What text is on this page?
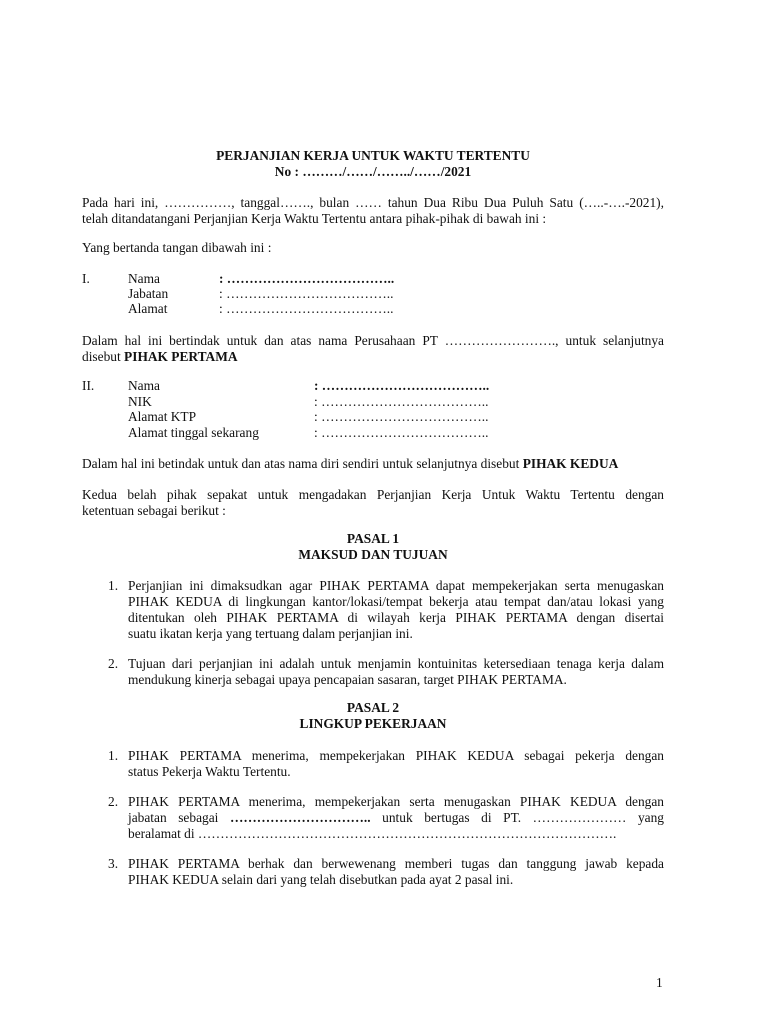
PERJANJIAN KERJA UNTUK WAKTU TERTENTU
No : ………/……/……../……/2021
Pada hari ini, ……………, tanggal……., bulan …… tahun Dua Ribu Dua Puluh Satu (…..-….-2021),
telah ditandatangani Perjanjian Kerja Waktu Tertentu antara pihak-pihak di bawah ini :
Yang bertanda tangan dibawah ini :
I.	Nama	: ………………………………..
Jabatan	: ………………………………..
Alamat	: ………………………………..
Dalam hal ini bertindak untuk dan atas nama Perusahaan PT ……………………., untuk selanjutnya
disebut PIHAK PERTAMA
II.	Nama	: ………………………………..
NIK	: ………………………………..
Alamat KTP	: ………………………………..
Alamat tinggal sekarang	: ………………………………..
Dalam hal ini betindak untuk dan atas nama diri sendiri untuk selanjutnya disebut PIHAK KEDUA
Kedua belah pihak sepakat untuk mengadakan Perjanjian Kerja Untuk Waktu Tertentu dengan
ketentuan sebagai berikut :
PASAL 1
MAKSUD DAN TUJUAN
1. Perjanjian ini dimaksudkan agar PIHAK PERTAMA dapat mempekerjakan serta menugaskan
PIHAK KEDUA di lingkungan kantor/lokasi/tempat bekerja atau tempat dan/atau lokasi yang
ditentukan oleh PIHAK PERTAMA di wilayah kerja PIHAK PERTAMA dengan disertai
suatu ikatan kerja yang tertuang dalam perjanjian ini.
2. Tujuan dari perjanjian ini adalah untuk menjamin kontuinitas ketersediaan tenaga kerja dalam
mendukung kinerja sebagai upaya pencapaian sasaran, target PIHAK PERTAMA.
PASAL 2
LINGKUP PEKERJAAN
1. PIHAK PERTAMA menerima, mempekerjakan PIHAK KEDUA sebagai pekerja dengan
status Pekerja Waktu Tertentu.
2. PIHAK PERTAMA menerima, mempekerjakan serta menugaskan PIHAK KEDUA dengan
jabatan sebagai ………………………….. untuk bertugas di PT. ………………… yang
beralamat di ………………………………………………………………………………….
3. PIHAK PERTAMA berhak dan berwewenang memberi tugas dan tanggung jawab kepada
PIHAK KEDUA selain dari yang telah disebutkan pada ayat 2 pasal ini.
1
